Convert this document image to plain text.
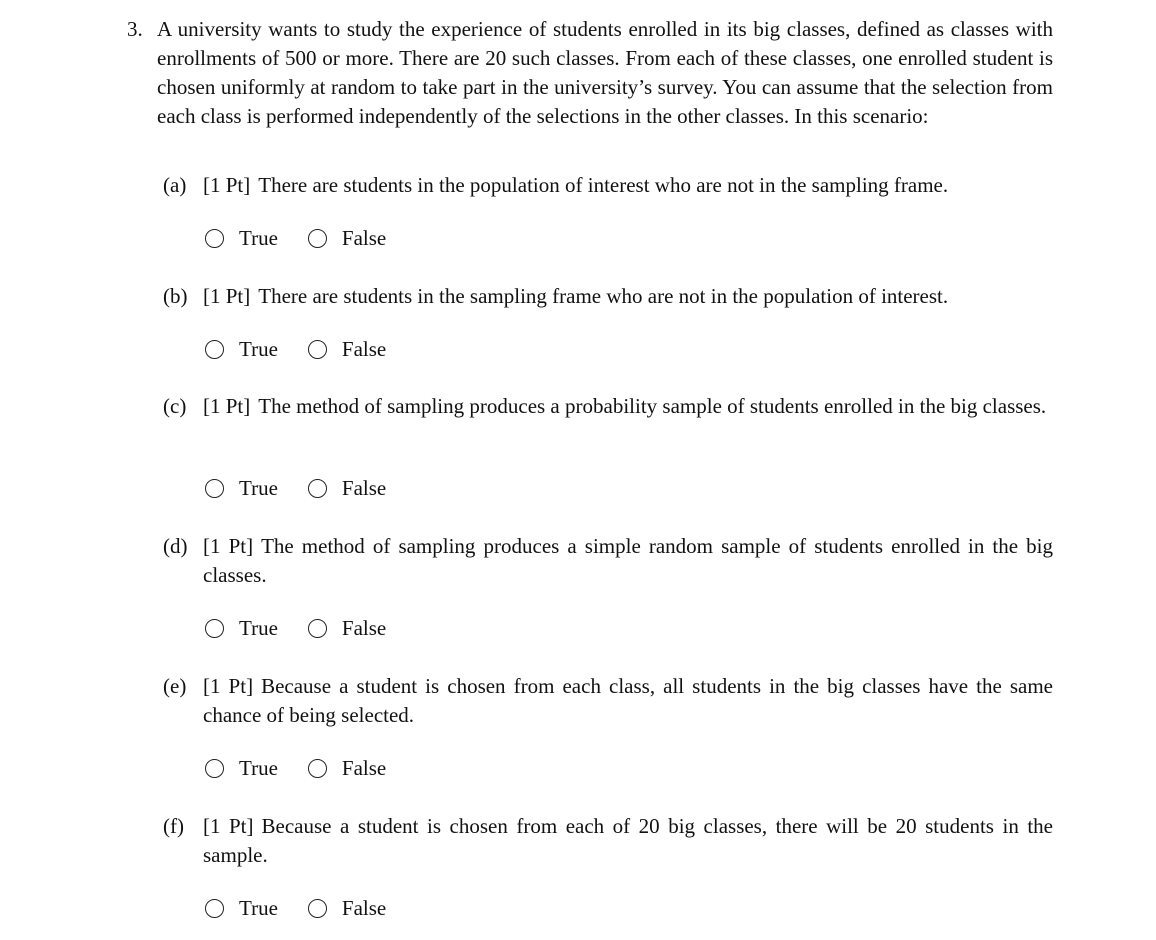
3. A university wants to study the experience of students enrolled in its big classes, defined as classes with enrollments of 500 or more. There are 20 such classes. From each of these classes, one enrolled student is chosen uniformly at random to take part in the university’s survey. You can assume that the selection from each class is performed independently of the selections in the other classes. In this scenario:
(a) [1 Pt] There are students in the population of interest who are not in the sampling frame.
True	False
(b) [1 Pt] There are students in the sampling frame who are not in the population of interest.
True	False
(c) [1 Pt] The method of sampling produces a probability sample of students enrolled in the big classes.
True	False
(d) [1 Pt] The method of sampling produces a simple random sample of students enrolled in the big classes.
True	False
(e) [1 Pt] Because a student is chosen from each class, all students in the big classes have the same chance of being selected.
True	False
(f) [1 Pt] Because a student is chosen from each of 20 big classes, there will be 20 students in the sample.
True	False
